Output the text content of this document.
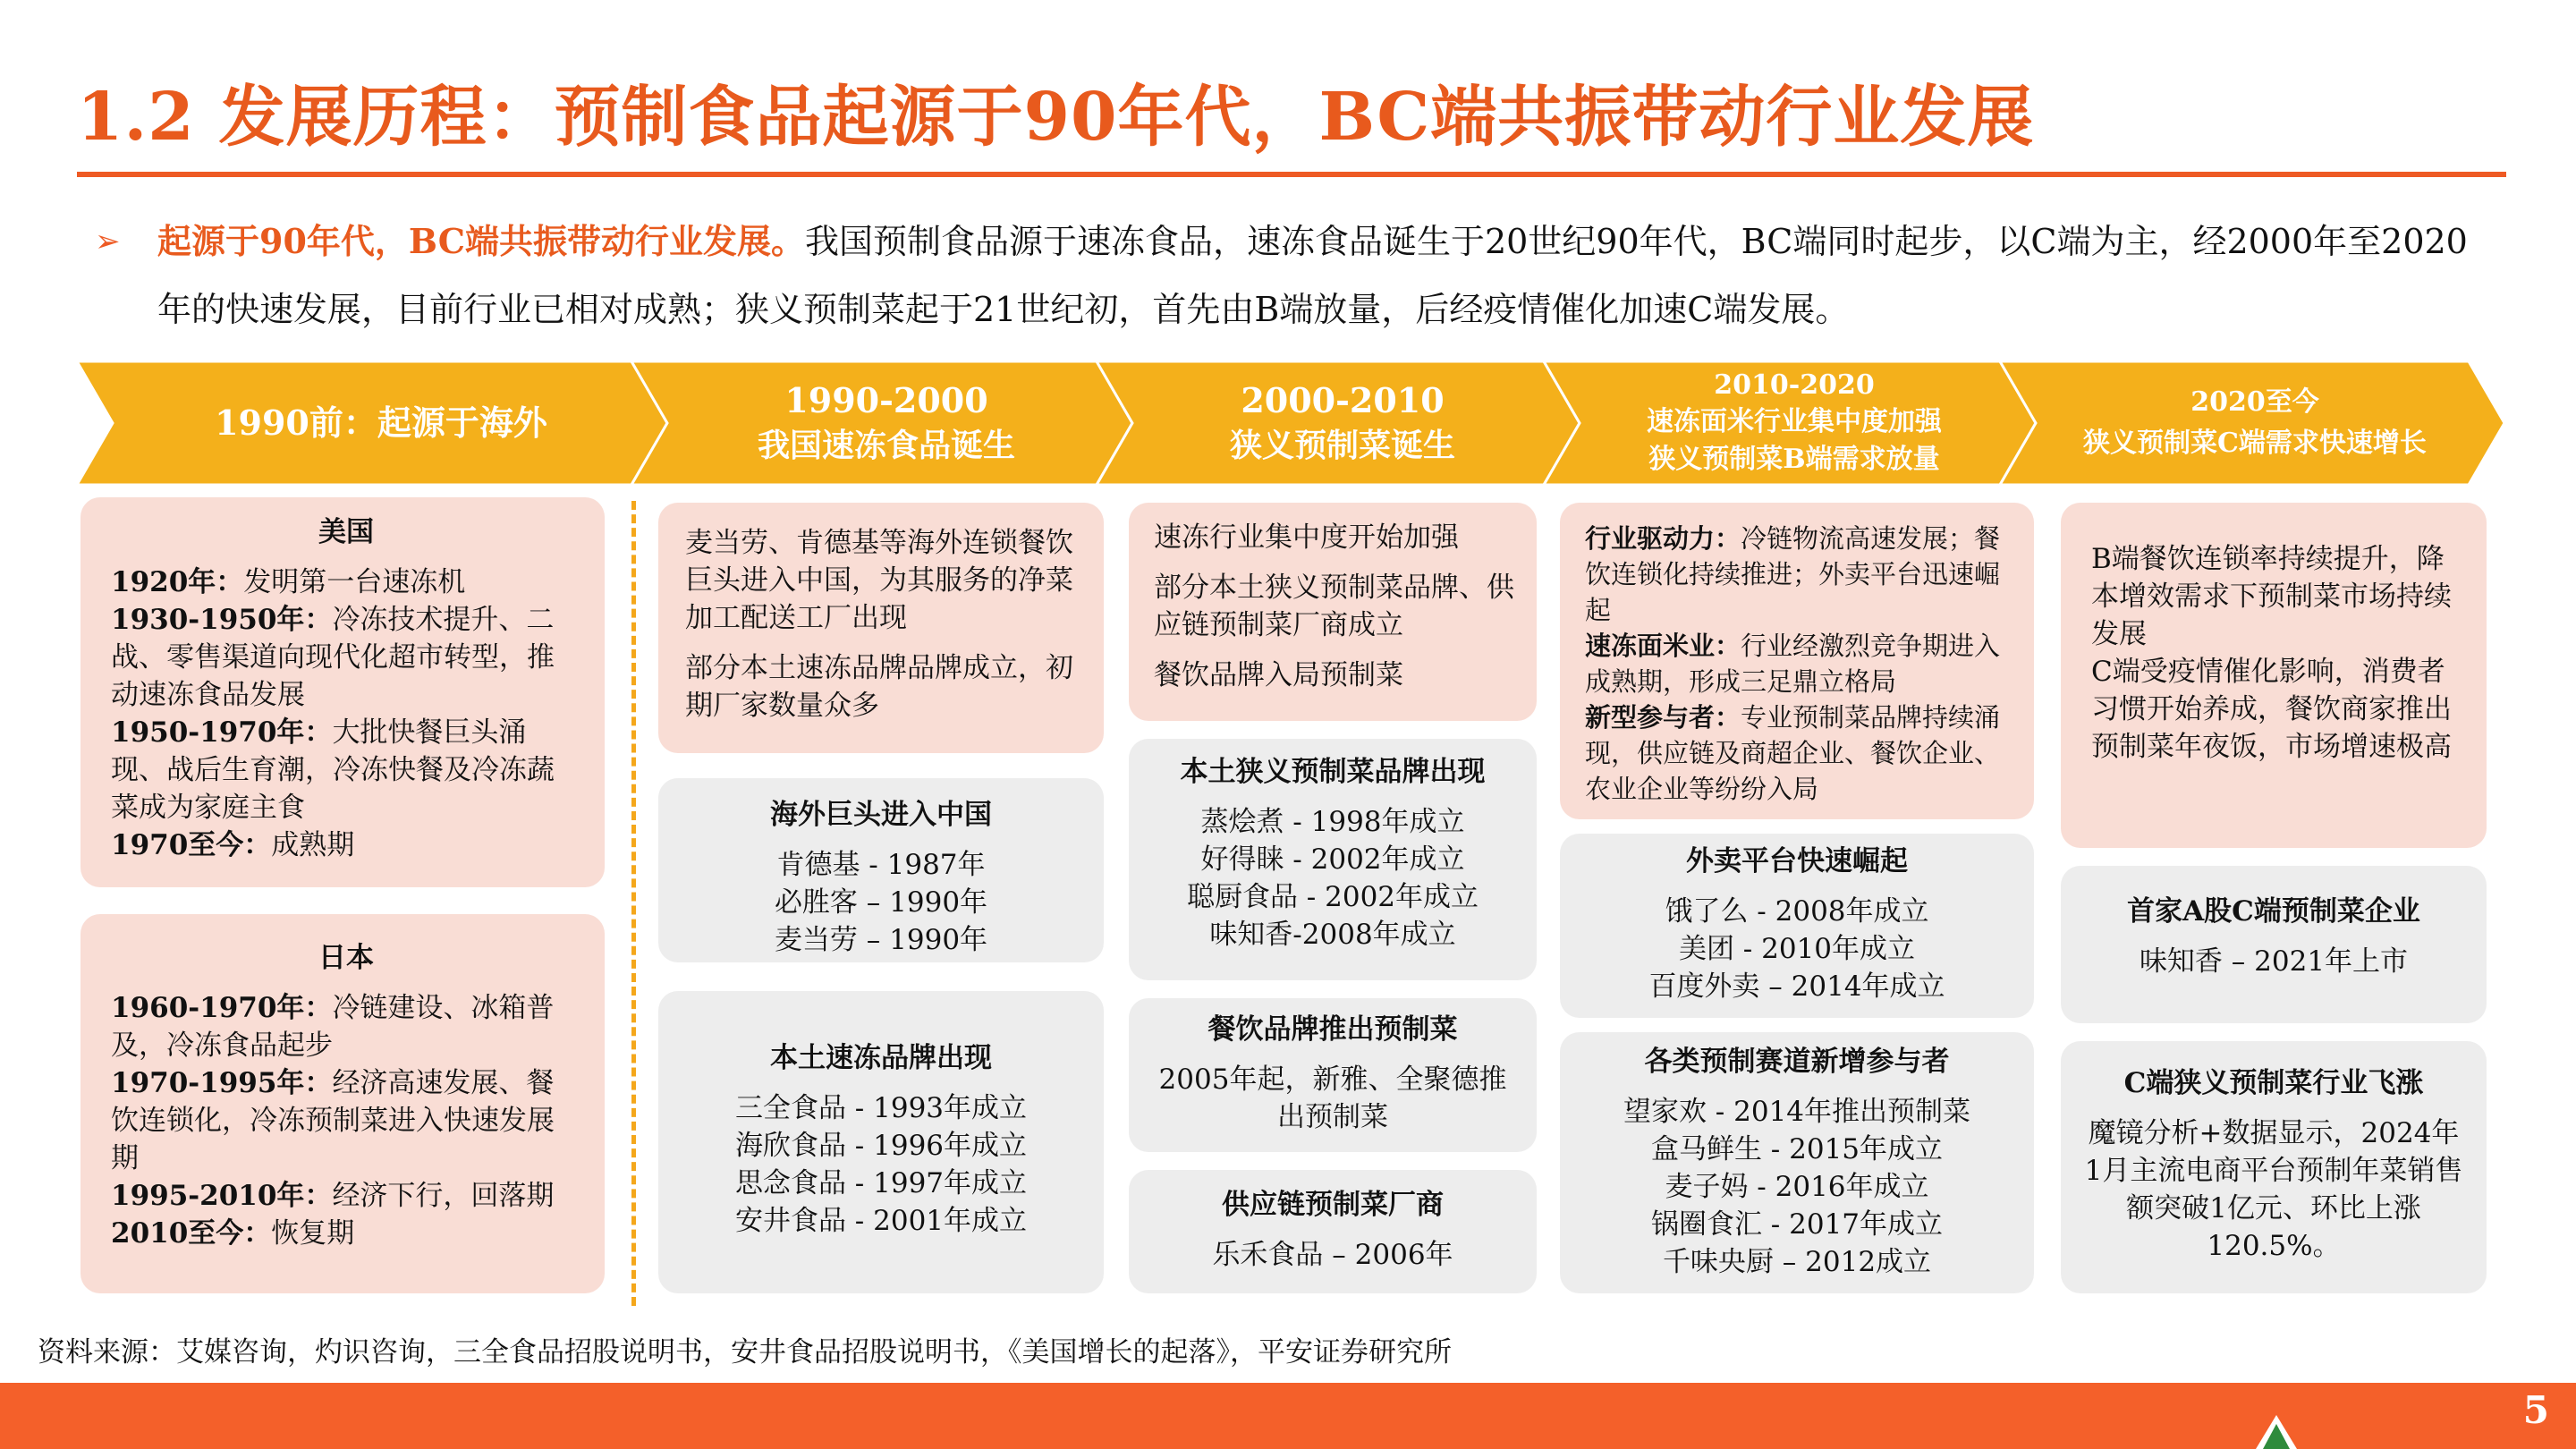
1.2 发展历程：预制食品起源于90年代，BC端共振带动行业发展
➢ 起源于90年代，BC端共振带动行业发展。我国预制食品源于速冻食品，速冻食品诞生于20世纪90年代，BC端同时起步，以C端为主，经2000年至2020年的快速发展，目前行业已相对成熟；狭义预制菜起于21世纪初，首先由B端放量，后经疫情催化加速C端发展。
1990前：起源于海外
1990-2000
我国速冻食品诞生
2000-2010
狭义预制菜诞生
2010-2020
速冻面米行业集中度加强
狭义预制菜B端需求放量
2020至今
狭义预制菜C端需求快速增长
美国

1920年：发明第一台速冻机

1930-1950年：冷冻技术提升、二战、零售渠道向现代化超市转型，推动速冻食品发展

1950-1970年：大批快餐巨头涌现、战后生育潮，冷冻快餐及冷冻蔬菜成为家庭主食

1970至今：成熟期

日本

1960-1970年：冷链建设、冰箱普及，冷冻食品起步

1970-1995年：经济高速发展、餐饮连锁化，冷冻预制菜进入快速发展期

1995-2010年：经济下行，回落期

2010至今：恢复期

麦当劳、肯德基等海外连锁餐饮巨头进入中国，为其服务的净菜加工配送工厂出现

部分本土速冻品牌品牌成立，初期厂家数量众多

海外巨头进入中国

肯德基 - 1987年

必胜客 – 1990年

麦当劳 – 1990年

本土速冻品牌出现

三全食品 - 1993年成立

海欣食品 - 1996年成立

思念食品 - 1997年成立

安井食品 - 2001年成立

速冻行业集中度开始加强

部分本土狭义预制菜品牌、供应链预制菜厂商成立

餐饮品牌入局预制菜

本土狭义预制菜品牌出现

蒸烩煮 - 1998年成立

好得睐 - 2002年成立

聪厨食品 - 2002年成立

味知香-2008年成立

餐饮品牌推出预制菜

2005年起，新雅、全聚德推出预制菜

供应链预制菜厂商

乐禾食品 – 2006年

行业驱动力：冷链物流高速发展；餐饮连锁化持续推进；外卖平台迅速崛起

速冻面米业：行业经激烈竞争期进入成熟期，形成三足鼎立格局

新型参与者：专业预制菜品牌持续涌现，供应链及商超企业、餐饮企业、农业企业等纷纷入局

外卖平台快速崛起

饿了么 - 2008年成立

美团 - 2010年成立

百度外卖 – 2014年成立

各类预制赛道新增参与者

望家欢 - 2014年推出预制菜

盒马鲜生 - 2015年成立

麦子妈 - 2016年成立

锅圈食汇 - 2017年成立

千味央厨 – 2012成立

B端餐饮连锁率持续提升，降本增效需求下预制菜市场持续发展

C端受疫情催化影响，消费者习惯开始养成，餐饮商家推出预制菜年夜饭，市场增速极高

首家A股C端预制菜企业

味知香 – 2021年上市

C端狭义预制菜行业飞涨

魔镜分析+数据显示，2024年1月主流电商平台预制年菜销售额突破1亿元、环比上涨120.5%。

资料来源：艾媒咨询，灼识咨询，三全食品招股说明书，安井食品招股说明书，《美国增长的起落》，平安证券研究所
5
